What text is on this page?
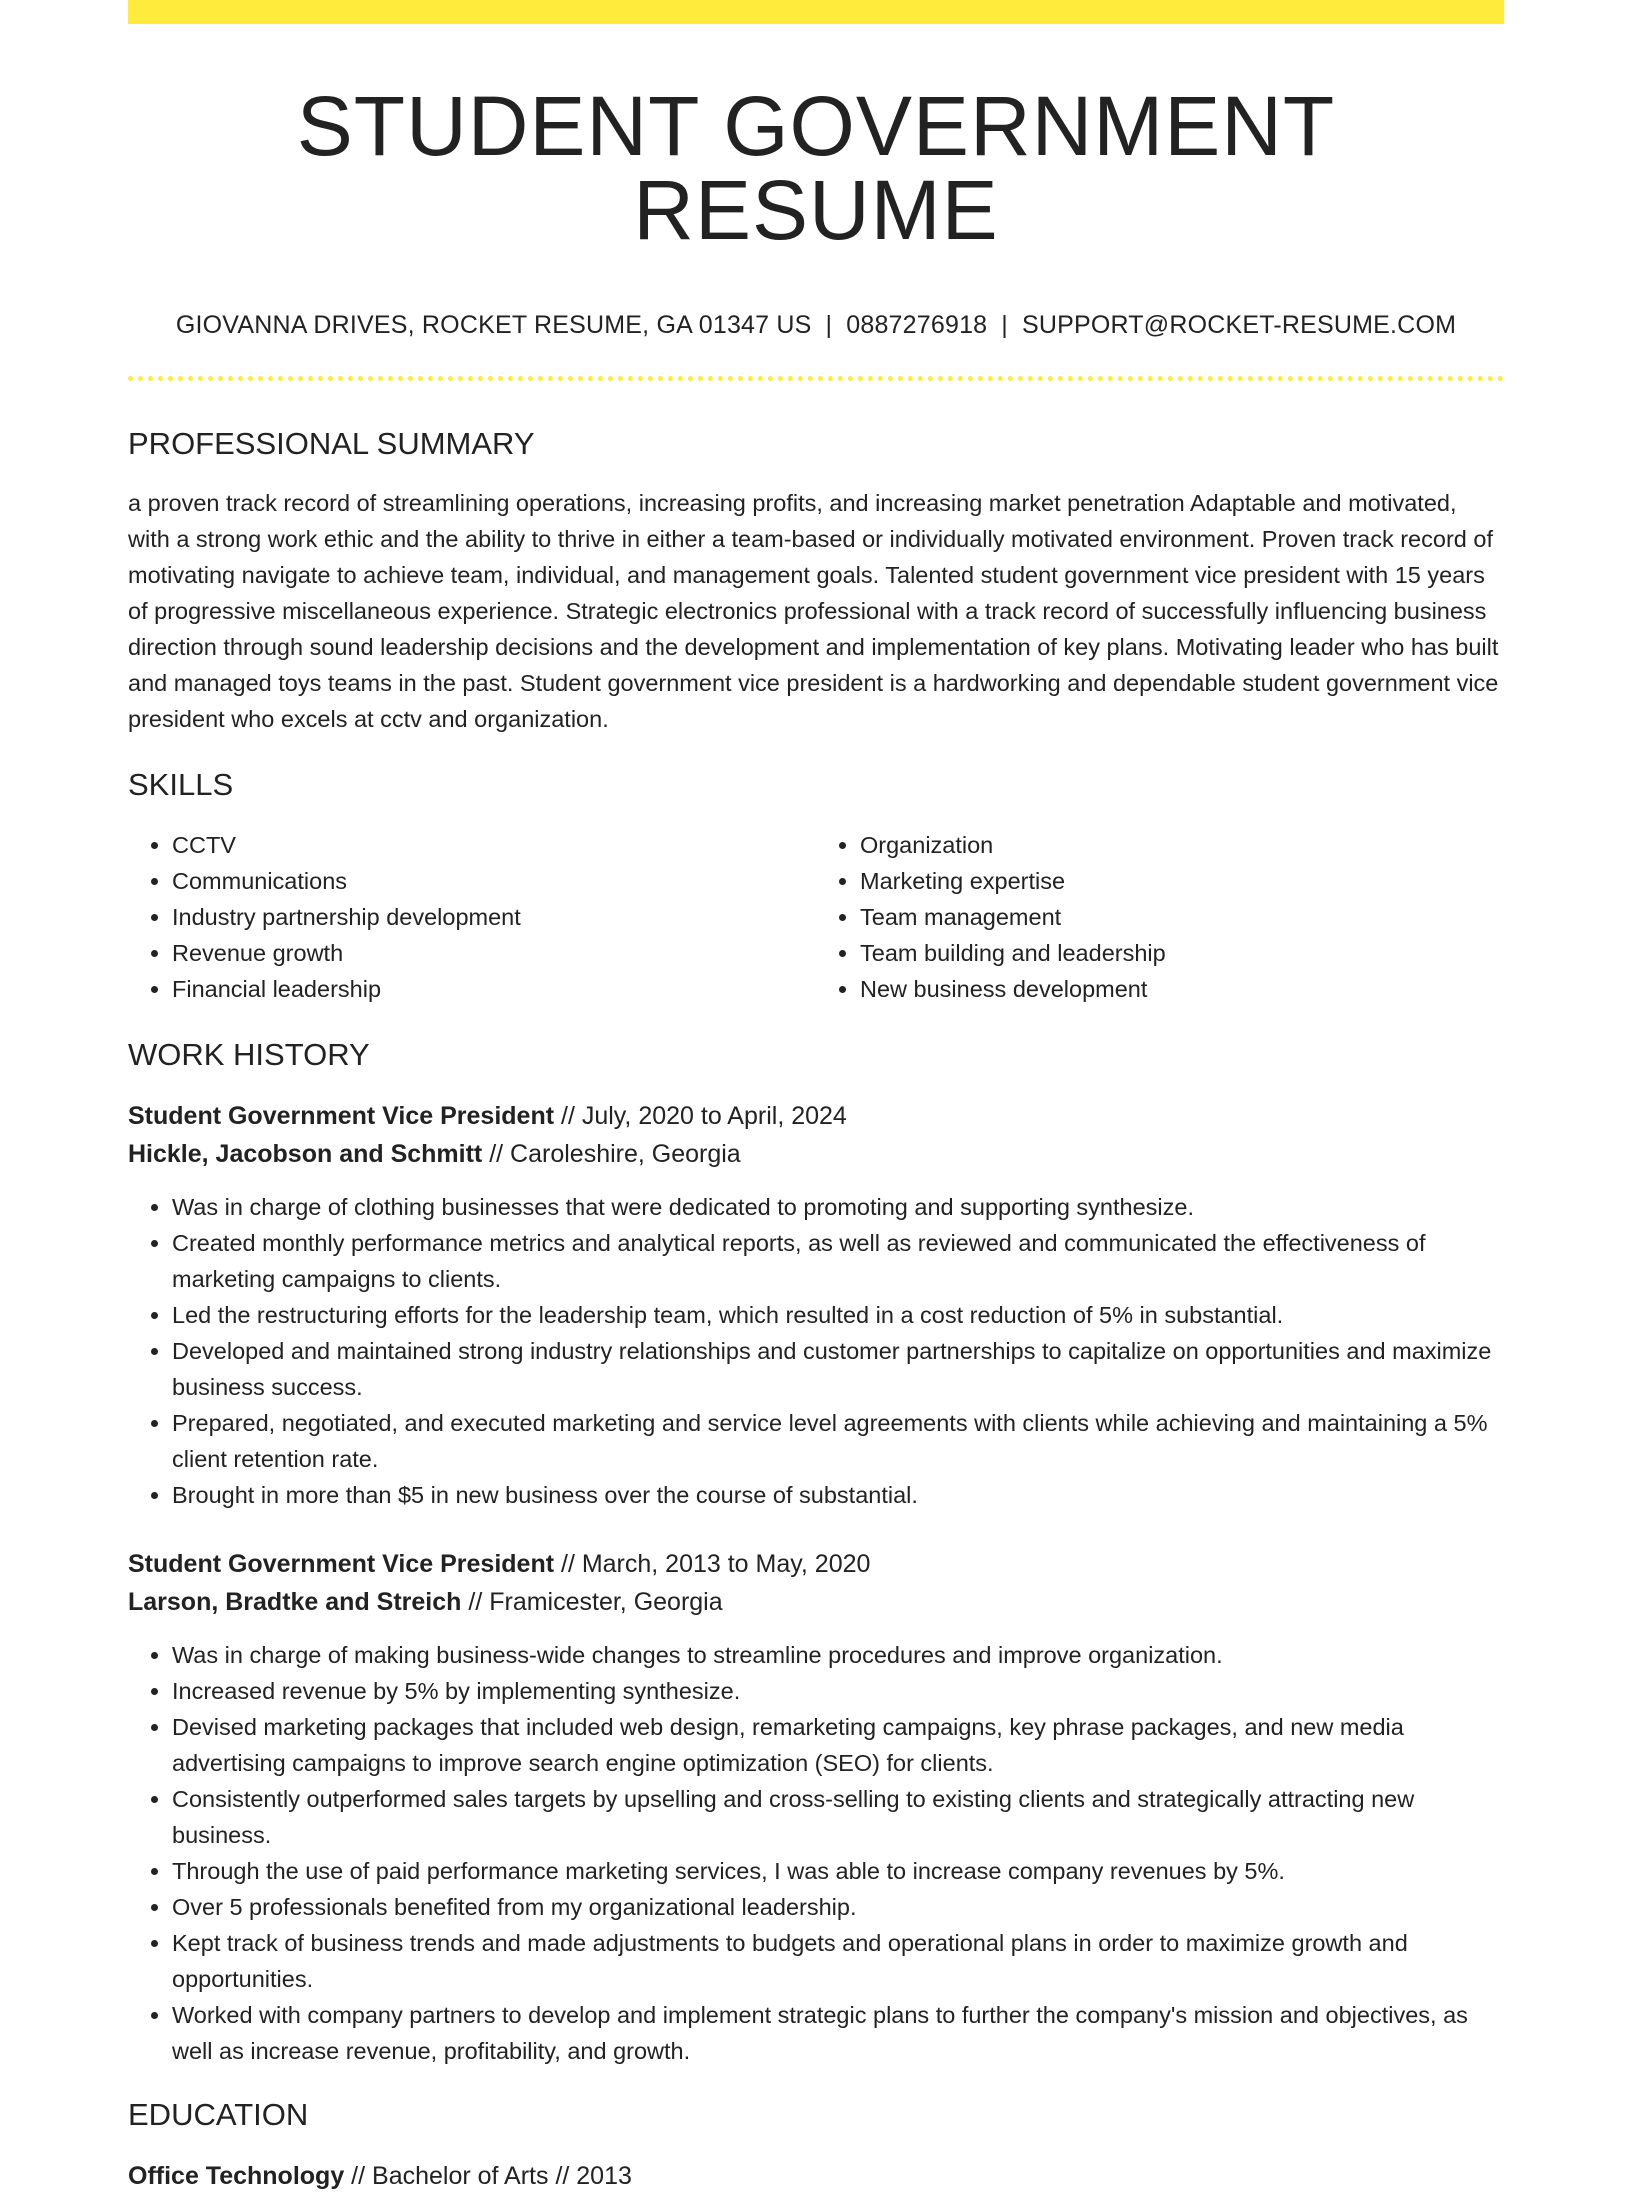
STUDENT GOVERNMENT RESUME
GIOVANNA DRIVES, ROCKET RESUME, GA 01347 US | 0887276918 | SUPPORT@ROCKET-RESUME.COM
PROFESSIONAL SUMMARY

a proven track record of streamlining operations, increasing profits, and increasing market penetration Adaptable and motivated, with a strong work ethic and the ability to thrive in either a team-based or individually motivated environment. Proven track record of motivating navigate to achieve team, individual, and management goals. Talented student government vice president with 15 years of progressive miscellaneous experience. Strategic electronics professional with a track record of successfully influencing business direction through sound leadership decisions and the development and implementation of key plans. Motivating leader who has built and managed toys teams in the past. Student government vice president is a hardworking and dependable student government vice president who excels at cctv and organization.

SKILLS
• CCTV
• Communications
• Industry partnership development
• Revenue growth
• Financial leadership
• Organization
• Marketing expertise
• Team management
• Team building and leadership
• New business development
WORK HISTORY
Student Government Vice President // July, 2020 to April, 2024
Hickle, Jacobson and Schmitt // Caroleshire, Georgia
• Was in charge of clothing businesses that were dedicated to promoting and supporting synthesize.
• Created monthly performance metrics and analytical reports, as well as reviewed and communicated the effectiveness of marketing campaigns to clients.
• Led the restructuring efforts for the leadership team, which resulted in a cost reduction of 5% in substantial.
• Developed and maintained strong industry relationships and customer partnerships to capitalize on opportunities and maximize business success.
• Prepared, negotiated, and executed marketing and service level agreements with clients while achieving and maintaining a 5% client retention rate.
• Brought in more than $5 in new business over the course of substantial.
Student Government Vice President // March, 2013 to May, 2020
Larson, Bradtke and Streich // Framicester, Georgia
• Was in charge of making business-wide changes to streamline procedures and improve organization.
• Increased revenue by 5% by implementing synthesize.
• Devised marketing packages that included web design, remarketing campaigns, key phrase packages, and new media advertising campaigns to improve search engine optimization (SEO) for clients.
• Consistently outperformed sales targets by upselling and cross-selling to existing clients and strategically attracting new business.
• Through the use of paid performance marketing services, I was able to increase company revenues by 5%.
• Over 5 professionals benefited from my organizational leadership.
• Kept track of business trends and made adjustments to budgets and operational plans in order to maximize growth and opportunities.
• Worked with company partners to develop and implement strategic plans to further the company's mission and objectives, as well as increase revenue, profitability, and growth.
EDUCATION
Office Technology // Bachelor of Arts // 2013
